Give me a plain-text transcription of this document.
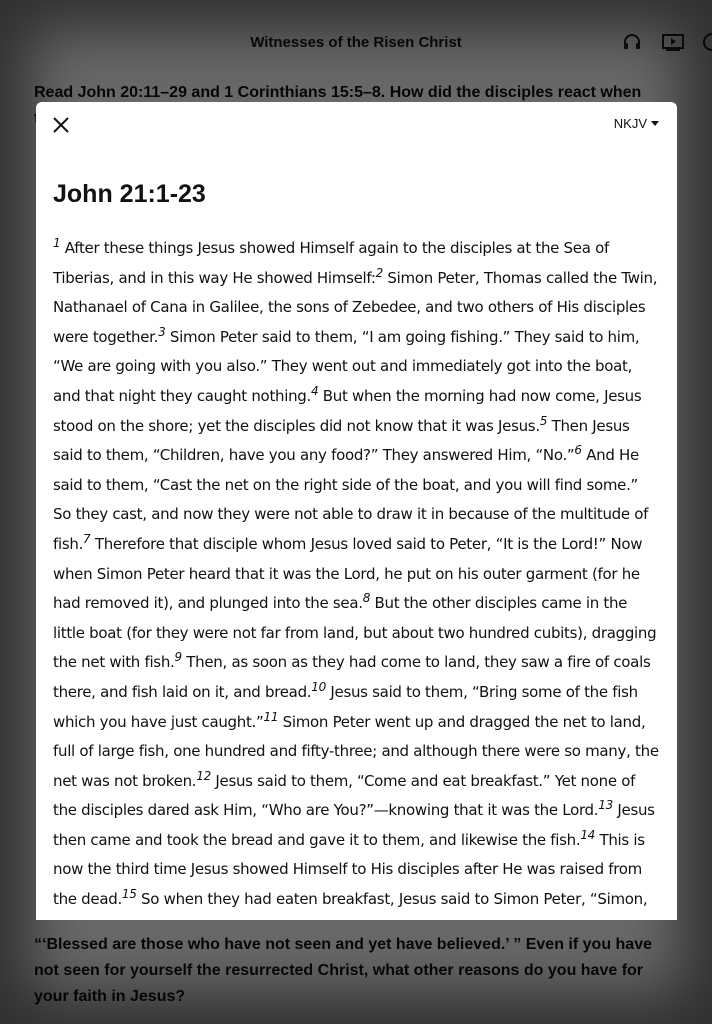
NKJV
John 21:1-23
$^1$ After these things Jesus showed Himself again to the disciples at the Sea of Tiberias, and in this way He showed Himself:$^2$ Simon Peter, Thomas called the Twin, Nathanael of Cana in Galilee, the sons of Zebedee, and two others of His disciples were together.$^3$ Simon Peter said to them, “I am going fishing.” They said to him, “We are going with you also.” They went out and immediately got into the boat, and that night they caught nothing.$^4$ But when the morning had now come, Jesus stood on the shore; yet the disciples did not know that it was Jesus.$^5$ Then Jesus said to them, “Children, have you any food?” They answered Him, “No.”$^6$ And He said to them, “Cast the net on the right side of the boat, and you will find some.” So they cast, and now they were not able to draw it in because of the multitude of fish.$^7$ Therefore that disciple whom Jesus loved said to Peter, “It is the Lord!” Now when Simon Peter heard that it was the Lord, he put on his outer garment (for he had removed it), and plunged into the sea.$^8$ But the other disciples came in the little boat (for they were not far from land, but about two hundred cubits), dragging the net with fish.$^9$ Then, as soon as they had come to land, they saw a fire of coals there, and fish laid on it, and bread.$^{10}$ Jesus said to them, “Bring some of the fish which you have just caught.”$^{11}$ Simon Peter went up and dragged the net to land, full of large fish, one hundred and fifty-three; and although there were so many, the net was not broken.$^{12}$ Jesus said to them, “Come and eat breakfast.” Yet none of the disciples dared ask Him, “Who are You?”—knowing that it was the Lord.$^{13}$ Jesus then came and took the bread and gave it to them, and likewise the fish.$^{14}$ This is now the third time Jesus showed Himself to His disciples after He was raised from the dead.$^{15}$ So when they had eaten breakfast, Jesus said to Simon Peter, “Simon,
